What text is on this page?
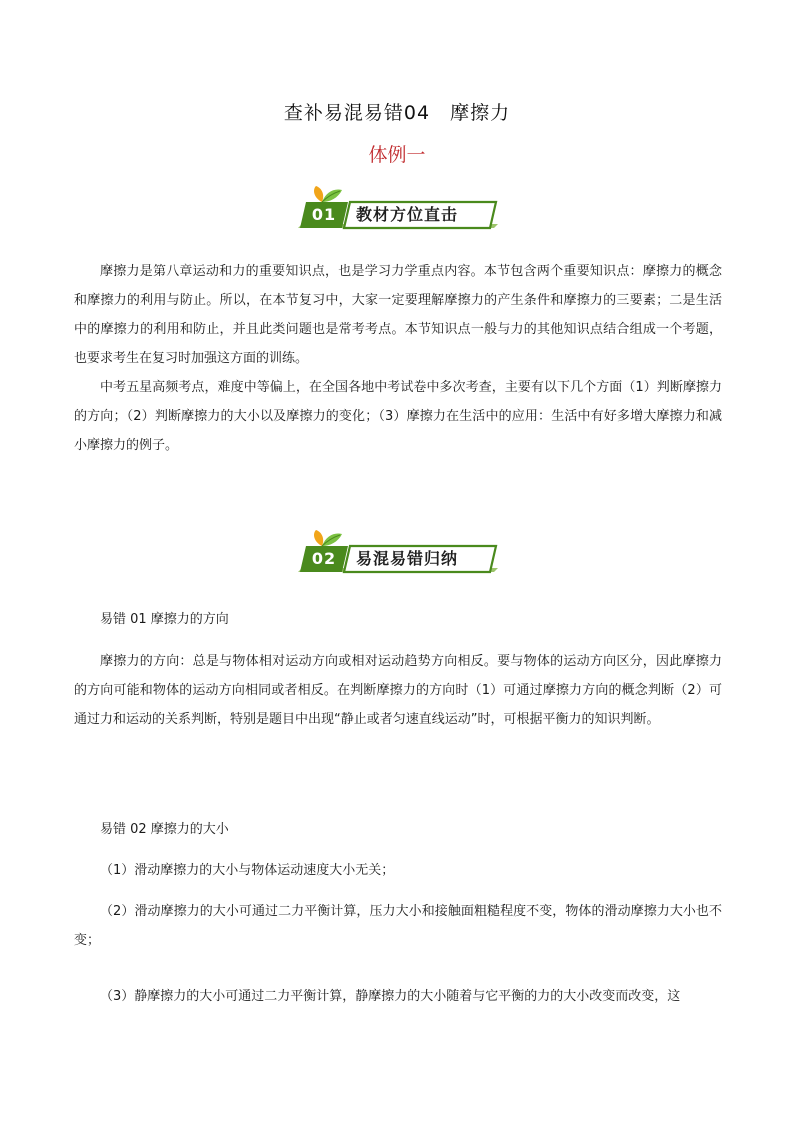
查补易混易错04　摩擦力
体例一
01	教材方位直击
摩擦力是第八章运动和力的重要知识点，也是学习力学重点内容。本节包含两个重要知识点：摩擦力的概念和摩擦力的利用与防止。所以，在本节复习中，大家一定要理解摩擦力的产生条件和摩擦力的三要素；二是生活中的摩擦力的利用和防止，并且此类问题也是常考考点。本节知识点一般与力的其他知识点结合组成一个考题，也要求考生在复习时加强这方面的训练。
中考五星高频考点，难度中等偏上，在全国各地中考试卷中多次考查，主要有以下几个方面（1）判断摩擦力的方向；（2）判断摩擦力的大小以及摩擦力的变化；（3）摩擦力在生活中的应用：生活中有好多增大摩擦力和减小摩擦力的例子。
02	易混易错归纳
易错 01 摩擦力的方向
摩擦力的方向：总是与物体相对运动方向或相对运动趋势方向相反。要与物体的运动方向区分，因此摩擦力的方向可能和物体的运动方向相同或者相反。在判断摩擦力的方向时（1）可通过摩擦力方向的概念判断（2）可通过力和运动的关系判断，特别是题目中出现“静止或者匀速直线运动”时，可根据平衡力的知识判断。
易错 02 摩擦力的大小
（1）滑动摩擦力的大小与物体运动速度大小无关；
（2）滑动摩擦力的大小可通过二力平衡计算，压力大小和接触面粗糙程度不变，物体的滑动摩擦力大小也不变；
（3）静摩擦力的大小可通过二力平衡计算，静摩擦力的大小随着与它平衡的力的大小改变而改变，这
